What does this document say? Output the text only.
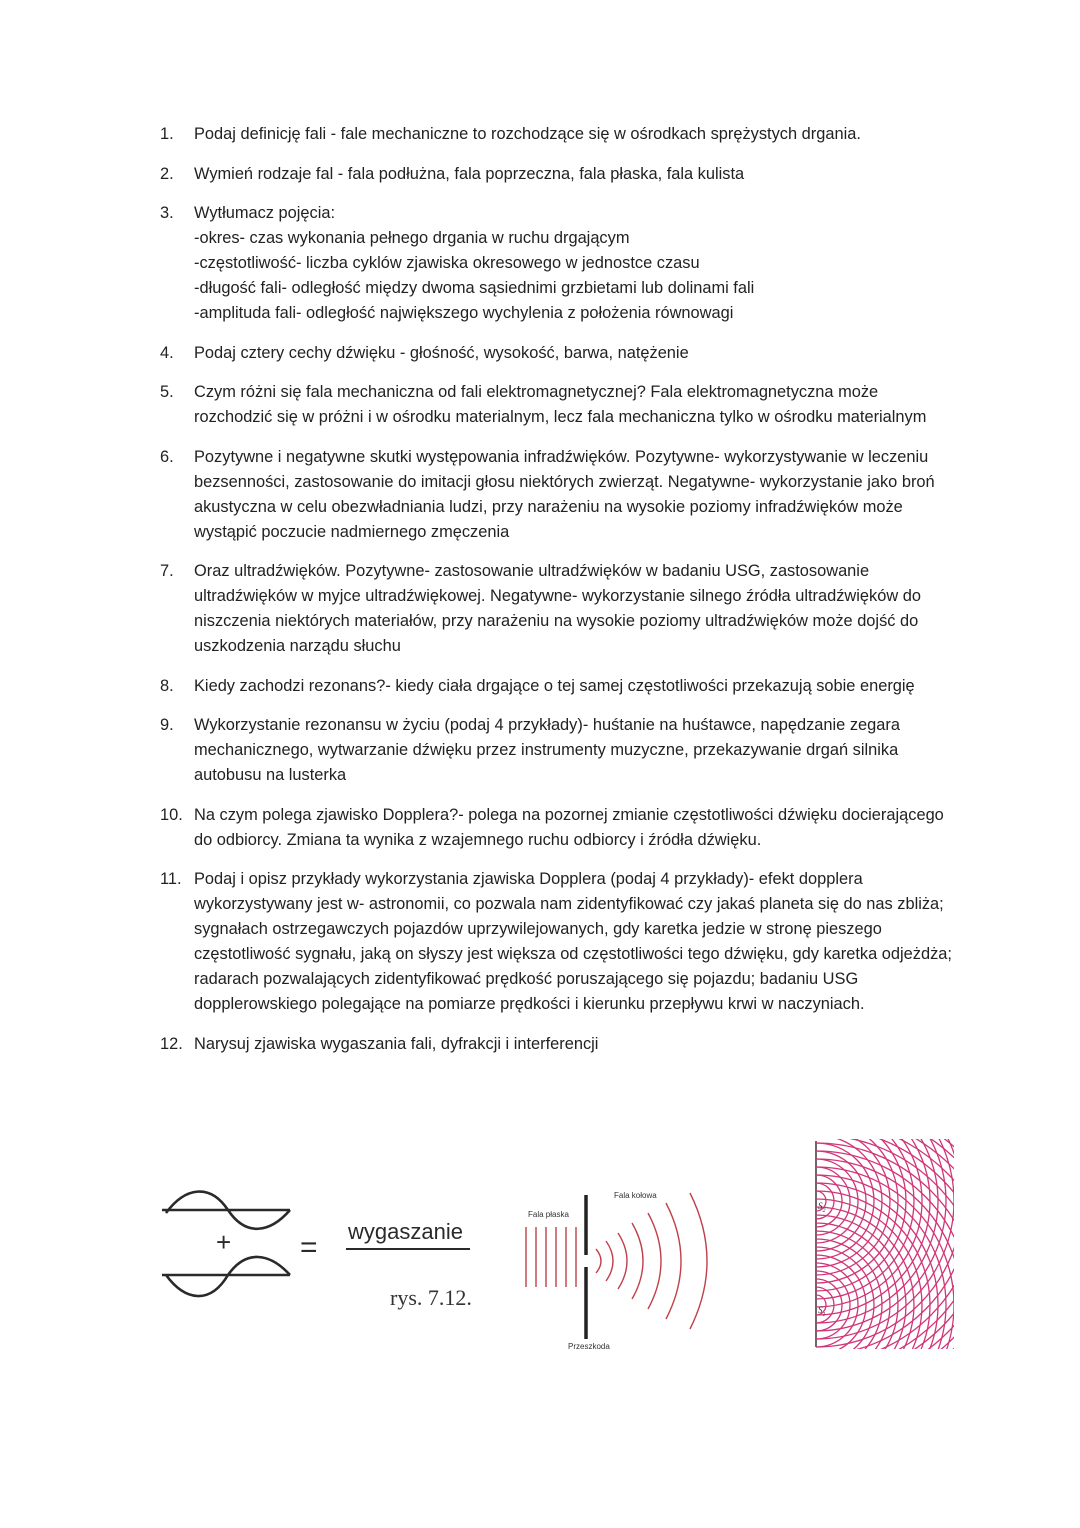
1.	Podaj definicję fali - fale mechaniczne to rozchodzące się w ośrodkach sprężystych drgania.
2.	Wymień rodzaje fal - fala podłużna, fala poprzeczna, fala płaska, fala kulista
3.	Wytłumacz pojęcia:
-okres- czas wykonania pełnego drgania w ruchu drgającym
-częstotliwość- liczba cyklów zjawiska okresowego w jednostce czasu
-długość fali- odległość między dwoma sąsiednimi grzbietami lub dolinami fali
-amplituda fali- odległość największego wychylenia z położenia równowagi
4.	Podaj cztery cechy dźwięku - głośność, wysokość, barwa, natężenie
5.	Czym różni się fala mechaniczna od fali elektromagnetycznej? Fala elektromagnetyczna może rozchodzić się w próżni i w ośrodku materialnym, lecz fala mechaniczna tylko w ośrodku materialnym
6.	Pozytywne i negatywne skutki występowania infradźwięków. Pozytywne- wykorzystywanie w leczeniu bezsenności, zastosowanie do imitacji głosu niektórych zwierząt. Negatywne- wykorzystanie jako broń akustyczna w celu obezwładniania ludzi, przy narażeniu na wysokie poziomy infradźwięków może wystąpić poczucie nadmiernego zmęczenia
7.	Oraz ultradźwięków. Pozytywne- zastosowanie ultradźwięków w badaniu USG, zastosowanie ultradźwięków w myjce ultradźwiękowej. Negatywne- wykorzystanie silnego źródła ultradźwięków do niszczenia niektórych materiałów, przy narażeniu na wysokie poziomy ultradźwięków może dojść do uszkodzenia narządu słuchu
8.	Kiedy zachodzi rezonans?- kiedy ciała drgające o tej samej częstotliwości przekazują sobie energię
9.	Wykorzystanie rezonansu w życiu (podaj 4 przykłady)- huśtanie na huśtawce, napędzanie zegara mechanicznego, wytwarzanie dźwięku przez instrumenty muzyczne, przekazywanie drgań silnika autobusu na lusterka
10. Na czym polega zjawisko Dopplera?- polega na pozornej zmianie częstotliwości dźwięku docierającego do odbiorcy. Zmiana ta wynika z wzajemnego ruchu odbiorcy i źródła dźwięku.
11. Podaj i opisz przykłady wykorzystania zjawiska Dopplera (podaj 4 przykłady)- efekt dopplera wykorzystywany jest w- astronomii, co pozwala nam zidentyfikować czy jakaś planeta się do nas zbliża; sygnałach ostrzegawczych pojazdów uprzywilejowanych, gdy karetka jedzie w stronę pieszego częstotliwość sygnału, jaką on słyszy jest większa od częstotliwości tego dźwięku, gdy karetka odjeżdża; radarach pozwalających zidentyfikować prędkość poruszającego się pojazdu; badaniu USG dopplerowskiego polegające na pomiarze prędkości i kierunku przepływu krwi w naczyniach.
12. Narysuj zjawiska wygaszania fali, dyfrakcji i interferencji
+ = wygaszanie
rys. 7.12.
Fala płaska
Fala kołowa
Przeszkoda
$S_2$
$S_1$
